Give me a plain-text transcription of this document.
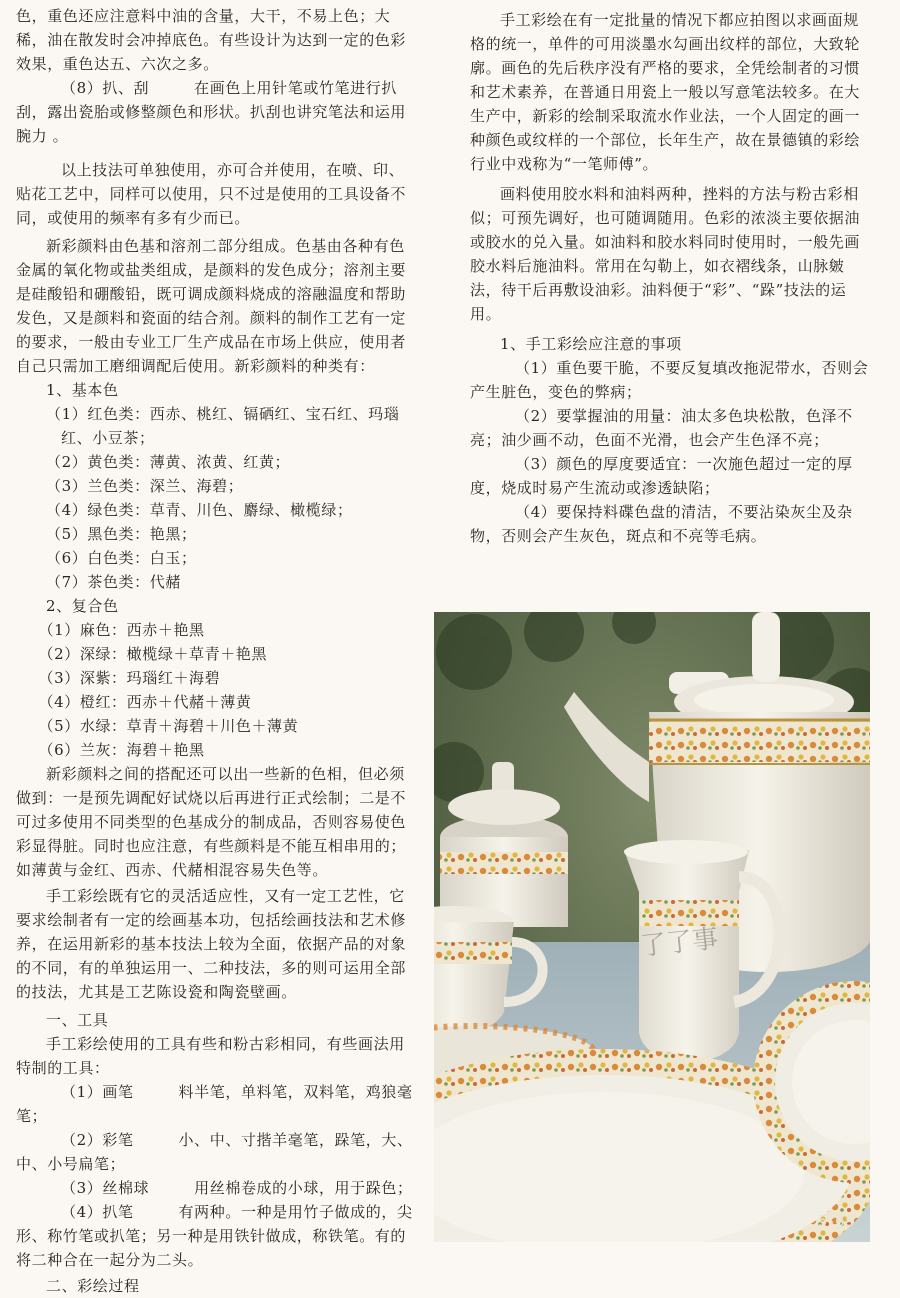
色，重色还应注意料中油的含量，大干，不易上色；大稀，油在散发时会冲掉底色。有些设计为达到一定的色彩效果，重色达五、六次之多。

（8）扒、刮	在画色上用针笔或竹笔进行扒刮，露出瓷胎或修整颜色和形状。扒刮也讲究笔法和运用腕力 。

以上技法可单独使用，亦可合并使用，在喷、印、贴花工艺中，同样可以使用，只不过是使用的工具设备不同，或使用的频率有多有少而已。

新彩颜料由色基和溶剂二部分组成。色基由各种有色金属的氧化物或盐类组成，是颜料的发色成分；溶剂主要是硅酸铅和硼酸铅，既可调成颜料烧成的溶融温度和帮助发色，又是颜料和瓷面的结合剂。颜料的制作工艺有一定的要求，一般由专业工厂生产成品在市场上供应，使用者自己只需加工磨细调配后使用。新彩颜料的种类有：

1、基本色

（1）红色类：西赤、桃红、镉硒红、宝石红、玛瑙红、小豆茶；

（2）黄色类：薄黄、浓黄、红黄；

（3）兰色类：深兰、海碧；

（4）绿色类：草青、川色、麝绿、橄榄绿；

（5）黑色类：艳黑；

（6）白色类：白玉；

（7）茶色类：代赭

2、复合色

（1）麻色：西赤＋艳黑

（2）深绿：橄榄绿＋草青＋艳黑

（3）深紫：玛瑙红＋海碧

（4）橙红：西赤＋代赭＋薄黄

（5）水绿：草青＋海碧＋川色＋薄黄

（6）兰灰：海碧＋艳黑

新彩颜料之间的搭配还可以出一些新的色相，但必须做到：一是预先调配好试烧以后再进行正式绘制；二是不可过多使用不同类型的色基成分的制成品，否则容易使色彩显得脏。同时也应注意，有些颜料是不能互相串用的；如薄黄与金红、西赤、代赭相混容易失色等。

手工彩绘既有它的灵活适应性，又有一定工艺性，它要求绘制者有一定的绘画基本功，包括绘画技法和艺术修养，在运用新彩的基本技法上较为全面，依据产品的对象的不同，有的单独运用一、二种技法，多的则可运用全部的技法，尤其是工艺陈设瓷和陶瓷壁画。

一、工具

手工彩绘使用的工具有些和粉古彩相同，有些画法用特制的工具：

（1）画笔	料半笔，单料笔，双料笔，鸡狼毫笔；

（2）彩笔	小、中、寸揩羊毫笔，跺笔，大、中、小号扁笔；

（3）丝棉球	用丝棉卷成的小球，用于跺色；

（4）扒笔	有两种。一种是用竹子做成的，尖形、称竹笔或扒笔；另一种是用铁针做成，称铁笔。有的将二种合在一起分为二头。

二、彩绘过程

手工彩绘在有一定批量的情况下都应拍图以求画面规格的统一，单件的可用淡墨水勾画出纹样的部位，大致轮廓。画色的先后秩序没有严格的要求，全凭绘制者的习惯和艺术素养，在普通日用瓷上一般以写意笔法较多。在大生产中，新彩的绘制采取流水作业法，一个人固定的画一种颜色或纹样的一个部位，长年生产，故在景德镇的彩绘行业中戏称为“一笔师傅”。

画料使用胶水料和油料两种，挫料的方法与粉古彩相似；可预先调好，也可随调随用。色彩的浓淡主要依据油或胶水的兑入量。如油料和胶水料同时使用时，一般先画胶水料后施油料。常用在勾勒上，如衣褶线条，山脉皴法，待干后再敷设油彩。油料便于“彩”、“跺”技法的运用。

1、手工彩绘应注意的事项

（1）重色要干脆，不要反复填改拖泥带水，否则会产生脏色，变色的弊病；

（2）要掌握油的用量：油太多色块松散，色泽不亮；油少画不动，色面不光滑，也会产生色泽不亮；

（3）颜色的厚度要适宜：一次施色超过一定的厚度，烧成时易产生流动或渗透缺陷；

（4）要保持料碟色盘的清洁，不要沾染灰尘及杂物，否则会产生灰色，斑点和不亮等毛病。

了了事
5-69
